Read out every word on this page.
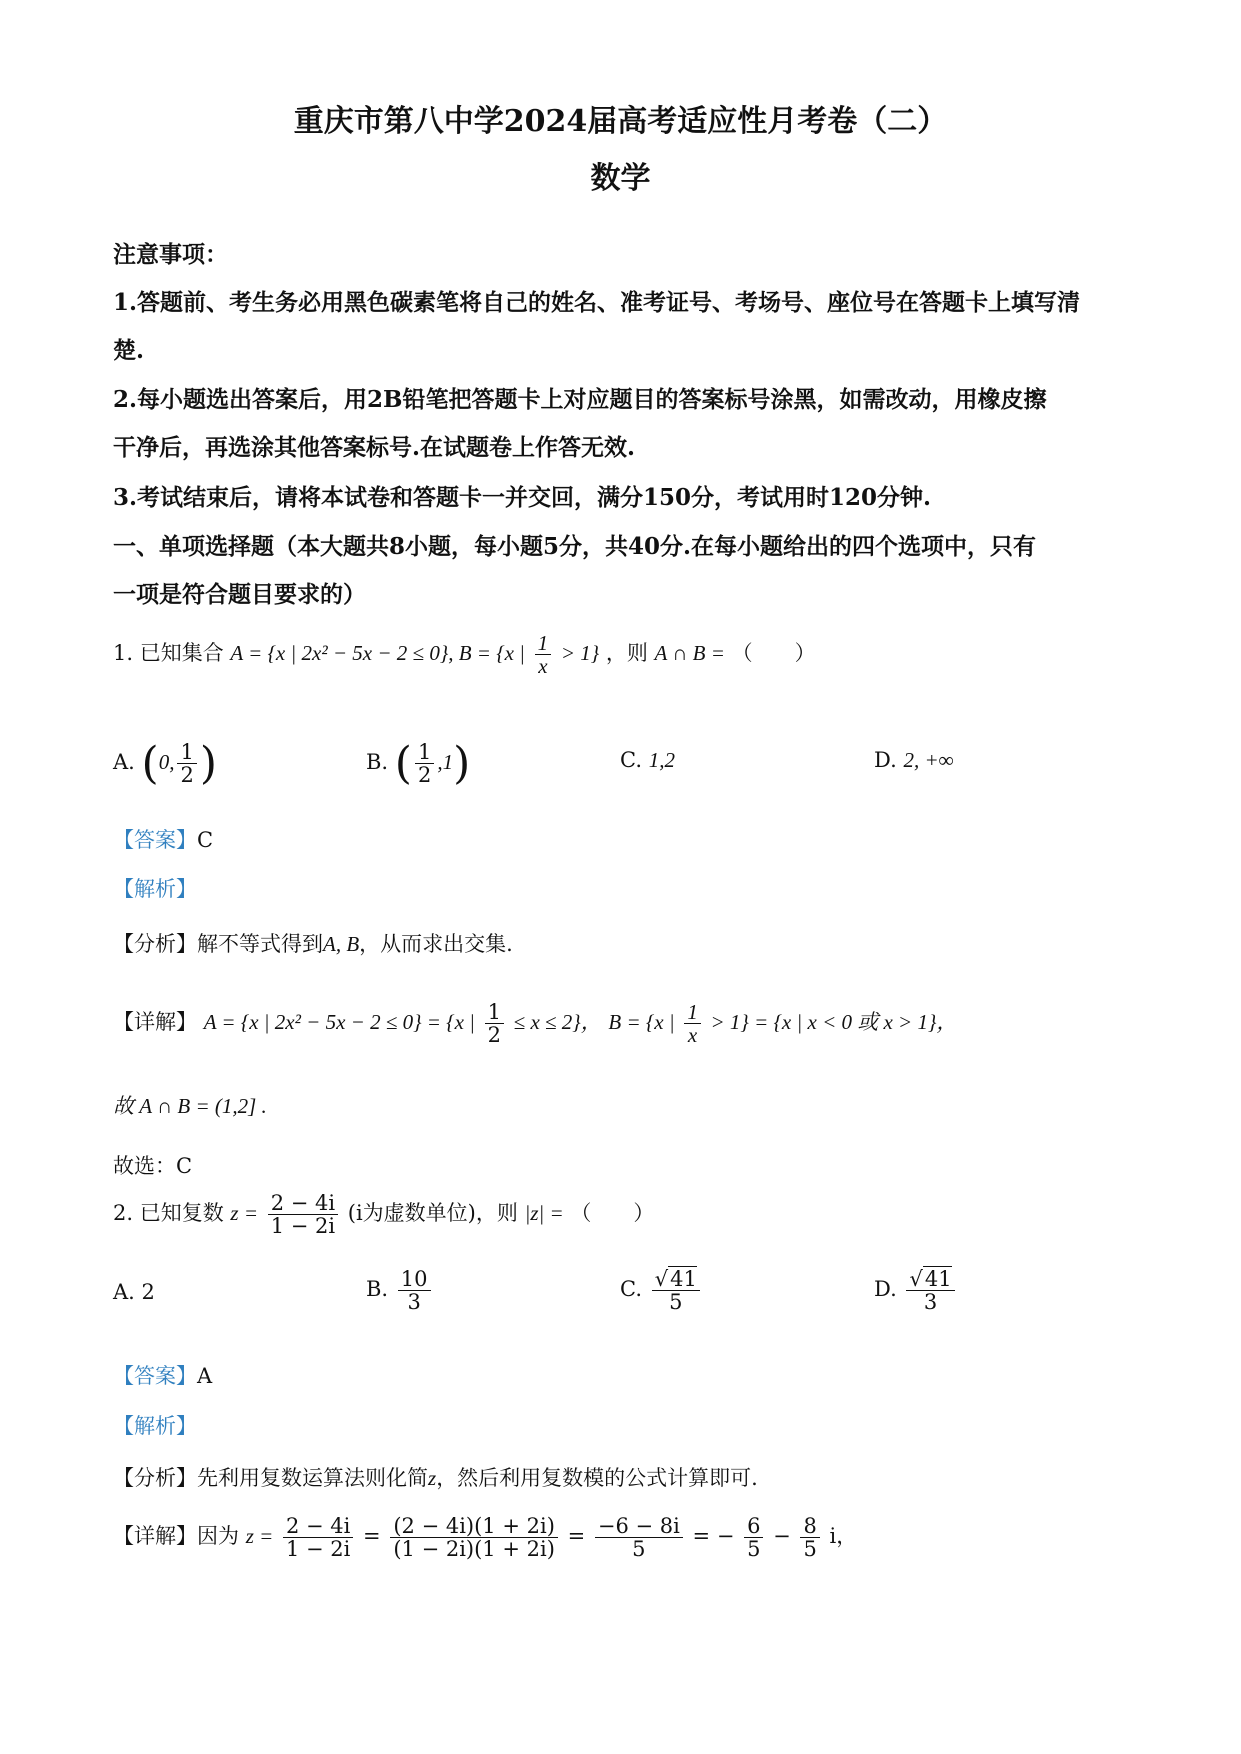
重庆市第八中学2024届高考适应性月考卷（二）
数学
注意事项：
1.答题前、考生务必用黑色碳素笔将自己的姓名、准考证号、考场号、座位号在答题卡上填写清
楚.
2.每小题选出答案后，用2B铅笔把答题卡上对应题目的答案标号涂黑，如需改动，用橡皮擦
干净后，再选涂其他答案标号.在试题卷上作答无效.
3.考试结束后，请将本试卷和答题卡一并交回，满分150分，考试用时120分钟.
一、单项选择题（本大题共8小题，每小题5分，共40分.在每小题给出的四个选项中，只有
一项是符合题目要求的）
1. 已知集合 A = {x | 2x² − 5x − 2 ≤ 0}, B = {x | $\frac{1}{x} > 1$} ，则 A ∩ B = （　　）
A. (0, $\frac{1}{2}$ )	B. ( $\frac{1}{2} ,1$)	C. 1,2	D. 2, +∞
【答案】C
【解析】
【分析】解不等式得到A, B，从而求出交集.
【详解】 A = {x | 2x² − 5x − 2 ≤ 0} = {x | $\frac{1}{2} \le x \le 2$}， B = {x | $\frac{1}{x} > 1\} = \{x$ | x < 0 或 x > 1}，
故 A ∩ B = (1,2] .
故选：C
2. 已知复数 $z = \frac{2 - 4i}{1 - 2i} (i$为虚数单位)，则 |z| = （　　）
A. 2	B. $\frac{10}{3}$	C. $\frac{√41}{5}$	D. $\frac{√41}{3}$
【答案】A
【解析】
【分析】先利用复数运算法则化简z，然后利用复数模的公式计算即可.
【详解】因为 $z = \frac{2 - 4i}{1 - 2i} = \frac{(2 - 4i)(1 + 2i)}{(1 - 2i)(1 + 2i)} = \frac{-6 - 8i}{5}$ = − $\frac{6}{5} - \frac{8}{5}$ i，
